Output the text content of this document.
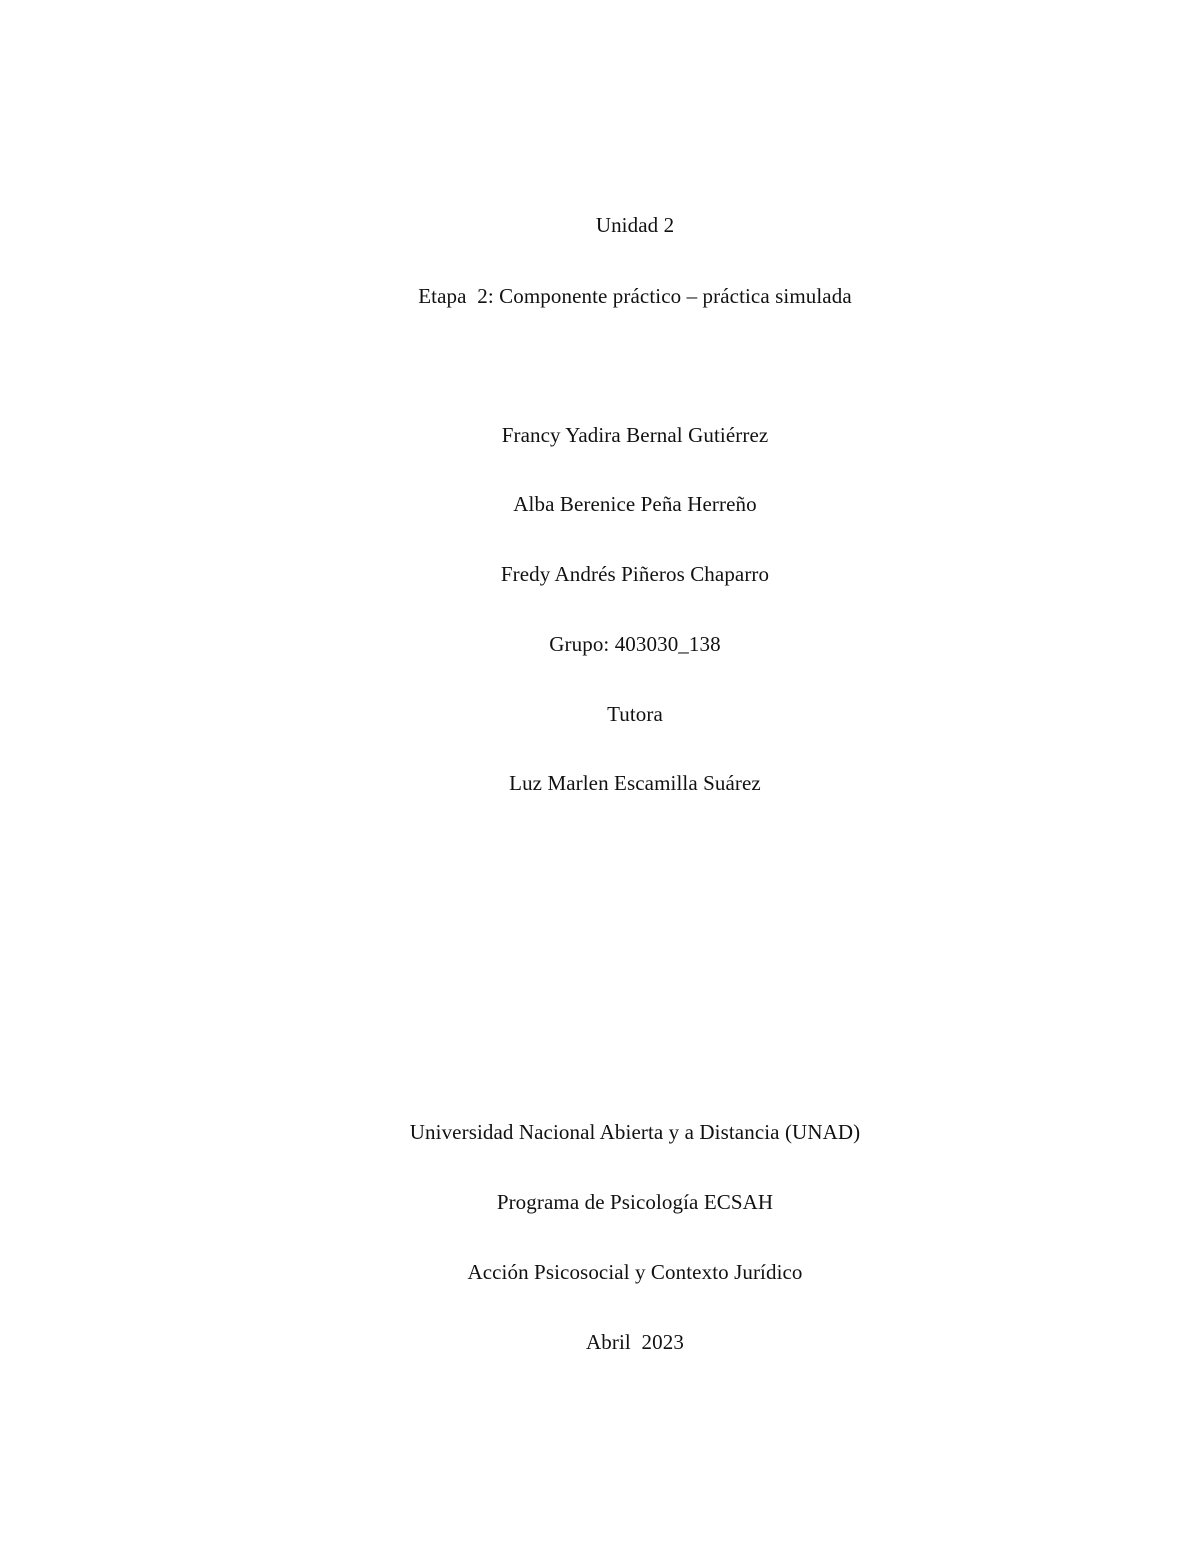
Unidad 2
Etapa  2: Componente práctico – práctica simulada
Francy Yadira Bernal Gutiérrez
Alba Berenice Peña Herreño
Fredy Andrés Piñeros Chaparro
Grupo: 403030_138
Tutora
Luz Marlen Escamilla Suárez
Universidad Nacional Abierta y a Distancia (UNAD)
Programa de Psicología ECSAH
Acción Psicosocial y Contexto Jurídico
Abril  2023
